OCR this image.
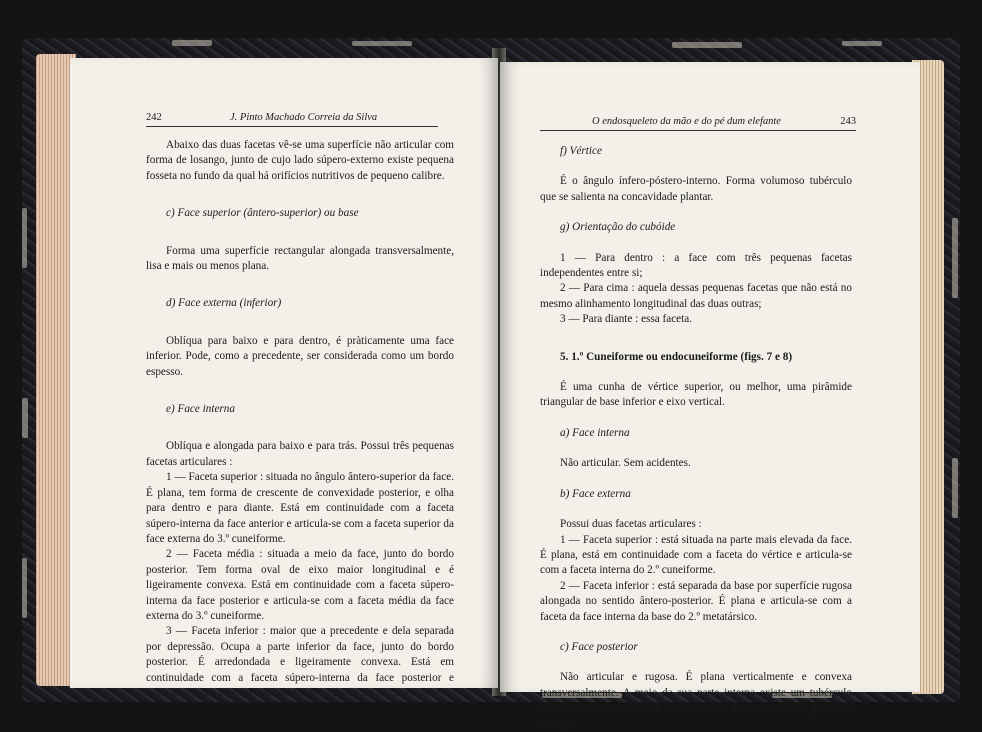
242	J. Pinto Machado Correia da Silva

Abaixo das duas facetas vê-se uma superfície não articular com forma de losango, junto de cujo lado súpero-externo existe pequena fosseta no fundo da qual há orifícios nutritivos de pequeno calibre.

c) Face superior (ântero-superior) ou base

Forma uma superfície rectangular alongada transversalmente, lisa e mais ou menos plana.

d) Face externa (inferior)

Oblíqua para baixo e para dentro, é pràticamente uma face inferior. Pode, como a precedente, ser considerada como um bordo espesso.

e) Face interna

Oblíqua e alongada para baixo e para trás. Possui três pequenas facetas articulares :

1 — Faceta superior : situada no ângulo ântero-superior da face. É plana, tem forma de crescente de convexidade posterior, e olha para dentro e para diante. Está em continuidade com a faceta súpero-interna da face anterior e articula-se com a faceta superior da face externa do 3.º cuneiforme.

2 — Faceta média : situada a meio da face, junto do bordo posterior. Tem forma oval de eixo maior longitudinal e é ligeiramente convexa. Está em continuidade com a faceta súpero-interna da face posterior e articula-se com a faceta média da face externa do 3.º cuneiforme.

3 — Faceta inferior : maior que a precedente e dela separada por depressão. Ocupa a parte inferior da face, junto do bordo posterior. É arredondada e ligeiramente convexa. Está em continuidade com a faceta súpero-interna da face posterior e articula-se com a faceta inferior da face externa do 3.º cuneiforme.

O endosqueleto da mão e do pé dum elefante	243

f) Vértice

É o ângulo ínfero-póstero-interno. Forma volumoso tubérculo que se salienta na concavidade plantar.

g) Orientação do cubóide

1 — Para dentro : a face com três pequenas facetas independentes entre si;

2 — Para cima : aquela dessas pequenas facetas que não está no mesmo alinhamento longitudinal das duas outras;

3 — Para diante : essa faceta.

5. 1.º Cuneiforme ou endocuneiforme (figs. 7 e 8)

É uma cunha de vértice superior, ou melhor, uma pirâmide triangular de base inferior e eixo vertical.

a) Face interna

Não articular. Sem acidentes.

b) Face externa

Possui duas facetas articulares :

1 — Faceta superior : está situada na parte mais elevada da face. É plana, está em continuidade com a faceta do vértice e articula-se com a faceta interna do 2.º cuneiforme.

2 — Faceta inferior : está separada da base por superfície rugosa alongada no sentido ântero-posterior. É plana e articula-se com a faceta da face interna da base do 2.º metatársico.

c) Face posterior

Não articular e rugosa. É plana verticalmente e convexa transversalmente. A meio da sua parte interna existe um tubérculo tendo um sulco transversal acima e outro abaixo, este mais profundo e longo.
